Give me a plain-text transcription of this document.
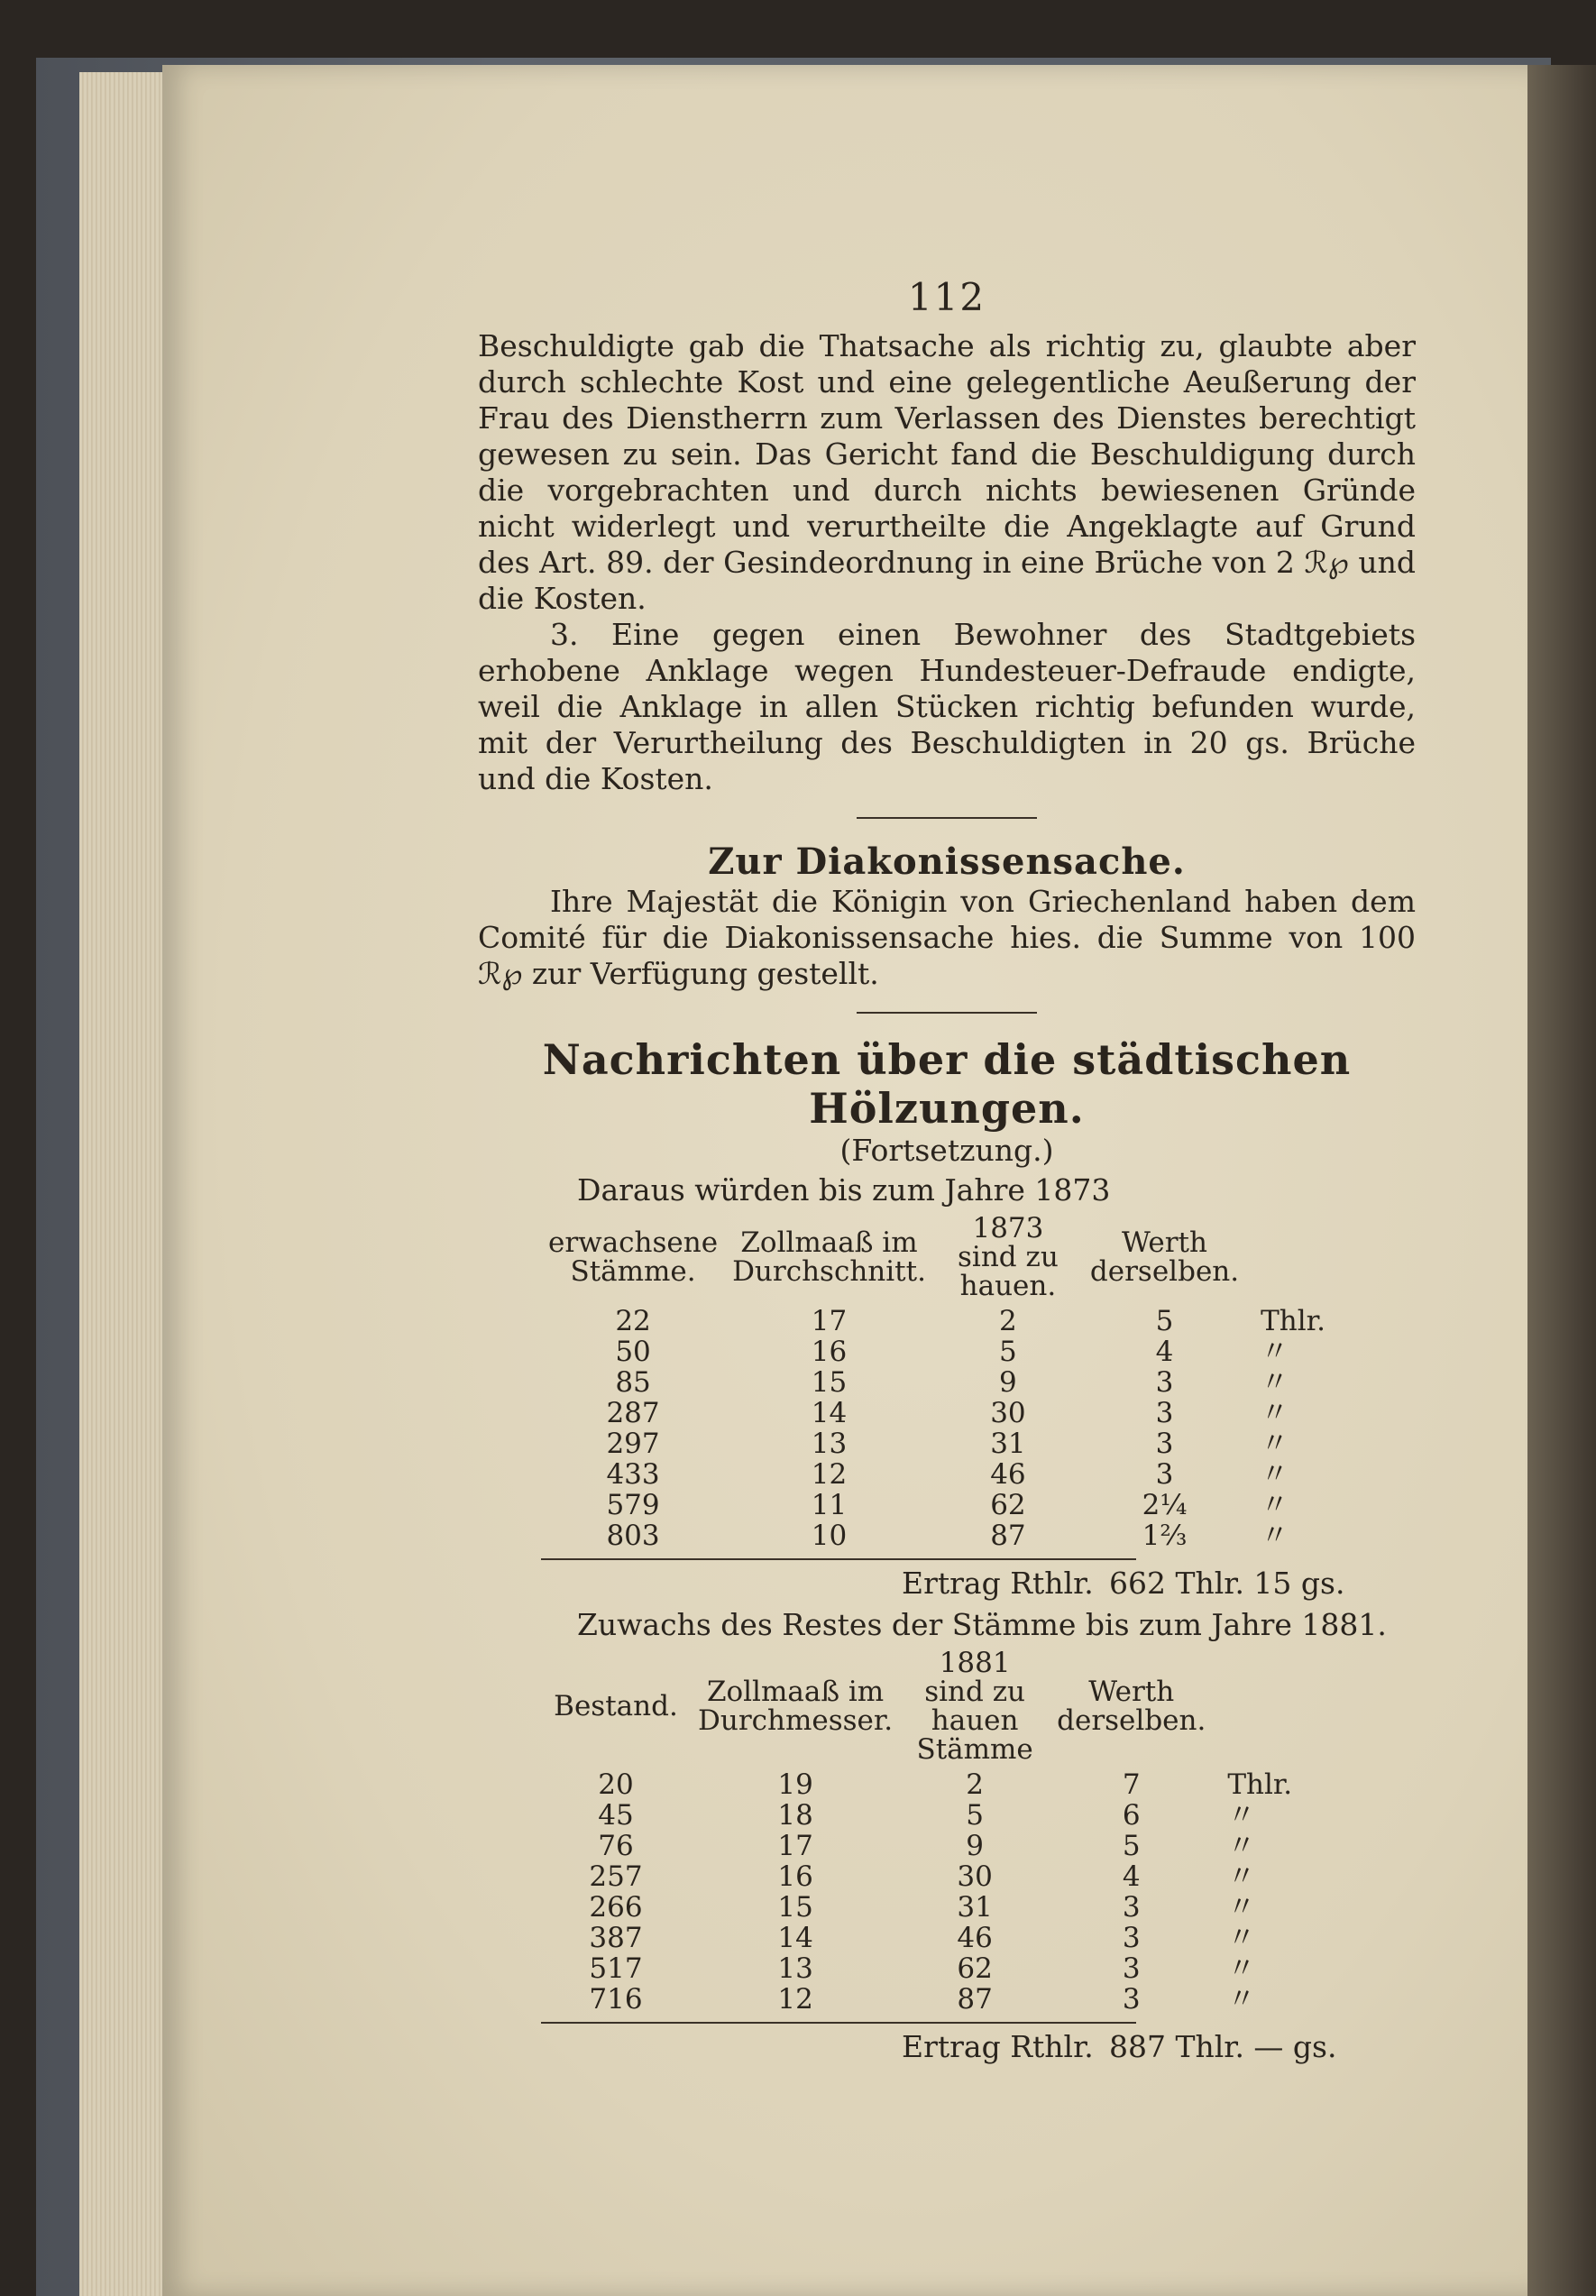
112

Beschuldigte gab die Thatsache als richtig zu, glaubte aber durch schlechte Kost und eine gelegentliche Aeußerung der Frau des Dienstherrn zum Verlassen des Dienstes berechtigt gewesen zu sein. Das Gericht fand die Beschuldigung durch die vorgebrachten und durch nichts bewiesenen Gründe nicht widerlegt und verurtheilte die Angeklagte auf Grund des Art. 89. der Gesindeordnung in eine Brüche von 2 ℛ℘ und die Kosten.

3. Eine gegen einen Bewohner des Stadtgebiets erhobene Anklage wegen Hundesteuer-Defraude endigte, weil die Anklage in allen Stücken richtig befunden wurde, mit der Verurtheilung des Beschuldigten in 20 gs. Brüche und die Kosten.

Zur Diakonissensache.

Ihre Majestät die Königin von Griechenland haben dem Comité für die Diakonissensache hies. die Summe von 100 ℛ℘ zur Verfügung gestellt.

Nachrichten über die städtischen Hölzungen.
(Fortsetzung.)
Daraus würden bis zum Jahre 1873
erwachsene Stämme.	Zollmaaß im Durchschnitt.	1873 sind zu hauen.	Werth derselben.	
22	17	2	5	Thlr.
50	16	5	4	〃
85	15	9	3	〃
287	14	30	3	〃
297	13	31	3	〃
433	12	46	3	〃
579	11	62	2¼	〃
803	10	87	1⅔	〃
Ertrag Rthlr. 662 Thlr. 15 gs.
Zuwachs des Restes der Stämme bis zum Jahre 1881.
Bestand.	Zollmaaß im Durchmesser.	1881 sind zu hauen Stämme	Werth derselben.	
20	19	2	7	Thlr.
45	18	5	6	〃
76	17	9	5	〃
257	16	30	4	〃
266	15	31	3	〃
387	14	46	3	〃
517	13	62	3	〃
716	12	87	3	〃
Ertrag Rthlr. 887 Thlr. — gs.
